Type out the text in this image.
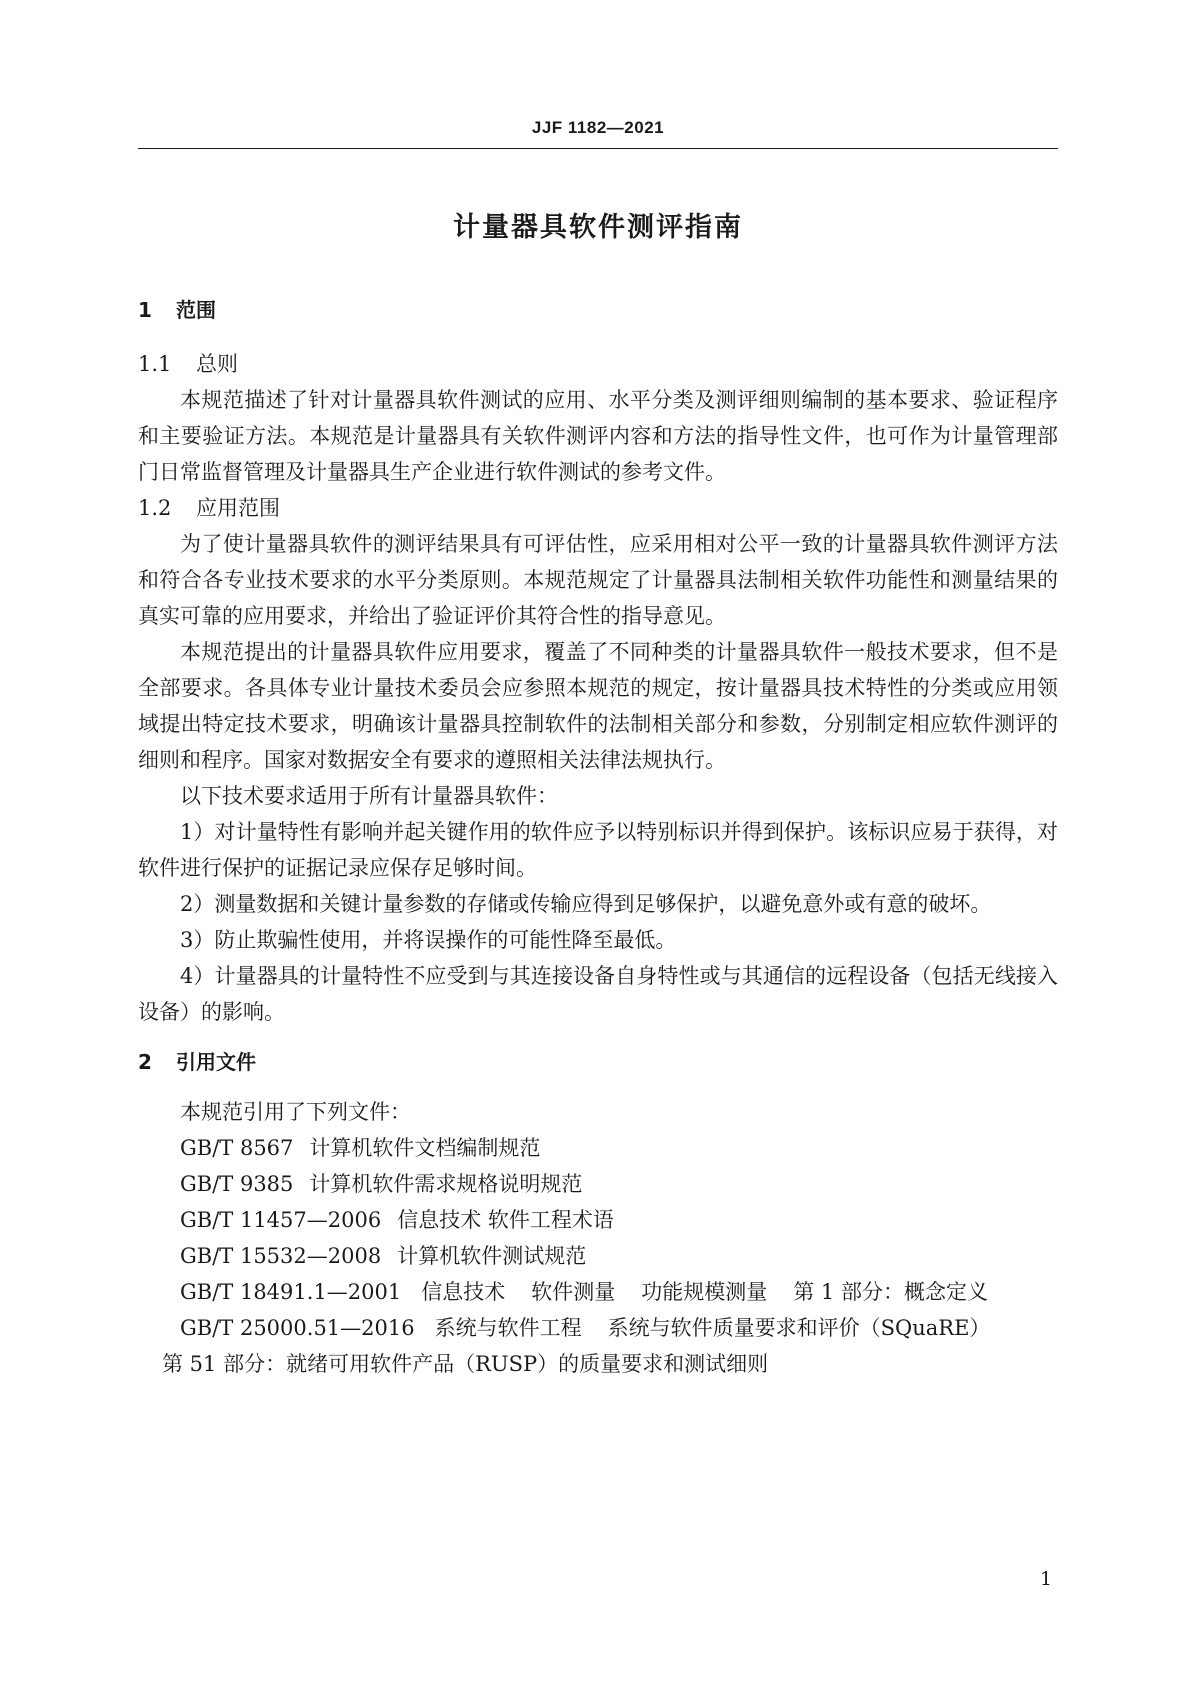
JJF 1182—2021
计量器具软件测评指南
1 范围
1.1 总则

本规范描述了针对计量器具软件测试的应用、水平分类及测评细则编制的基本要求、验证程序和主要验证方法。本规范是计量器具有关软件测评内容和方法的指导性文件，也可作为计量管理部门日常监督管理及计量器具生产企业进行软件测试的参考文件。

1.2 应用范围

为了使计量器具软件的测评结果具有可评估性，应采用相对公平一致的计量器具软件测评方法和符合各专业技术要求的水平分类原则。本规范规定了计量器具法制相关软件功能性和测量结果的真实可靠的应用要求，并给出了验证评价其符合性的指导意见。

本规范提出的计量器具软件应用要求，覆盖了不同种类的计量器具软件一般技术要求，但不是全部要求。各具体专业计量技术委员会应参照本规范的规定，按计量器具技术特性的分类或应用领域提出特定技术要求，明确该计量器具控制软件的法制相关部分和参数，分别制定相应软件测评的细则和程序。国家对数据安全有要求的遵照相关法律法规执行。

以下技术要求适用于所有计量器具软件：

1）对计量特性有影响并起关键作用的软件应予以特别标识并得到保护。该标识应易于获得，对软件进行保护的证据记录应保存足够时间。

2）测量数据和关键计量参数的存储或传输应得到足够保护，以避免意外或有意的破坏。

3）防止欺骗性使用，并将误操作的可能性降至最低。

4）计量器具的计量特性不应受到与其连接设备自身特性或与其通信的远程设备（包括无线接入设备）的影响。

2 引用文件

本规范引用了下列文件：

GB/T 8567 计算机软件文档编制规范

GB/T 9385 计算机软件需求规格说明规范

GB/T 11457—2006 信息技术 软件工程术语

GB/T 15532—2008 计算机软件测试规范

GB/T 18491.1—2001 信息技术 软件测量 功能规模测量 第 1 部分：概念定义

GB/T 25000.51—2016 系统与软件工程 系统与软件质量要求和评价（SQuaRE）

第 51 部分：就绪可用软件产品（RUSP）的质量要求和测试细则

1
